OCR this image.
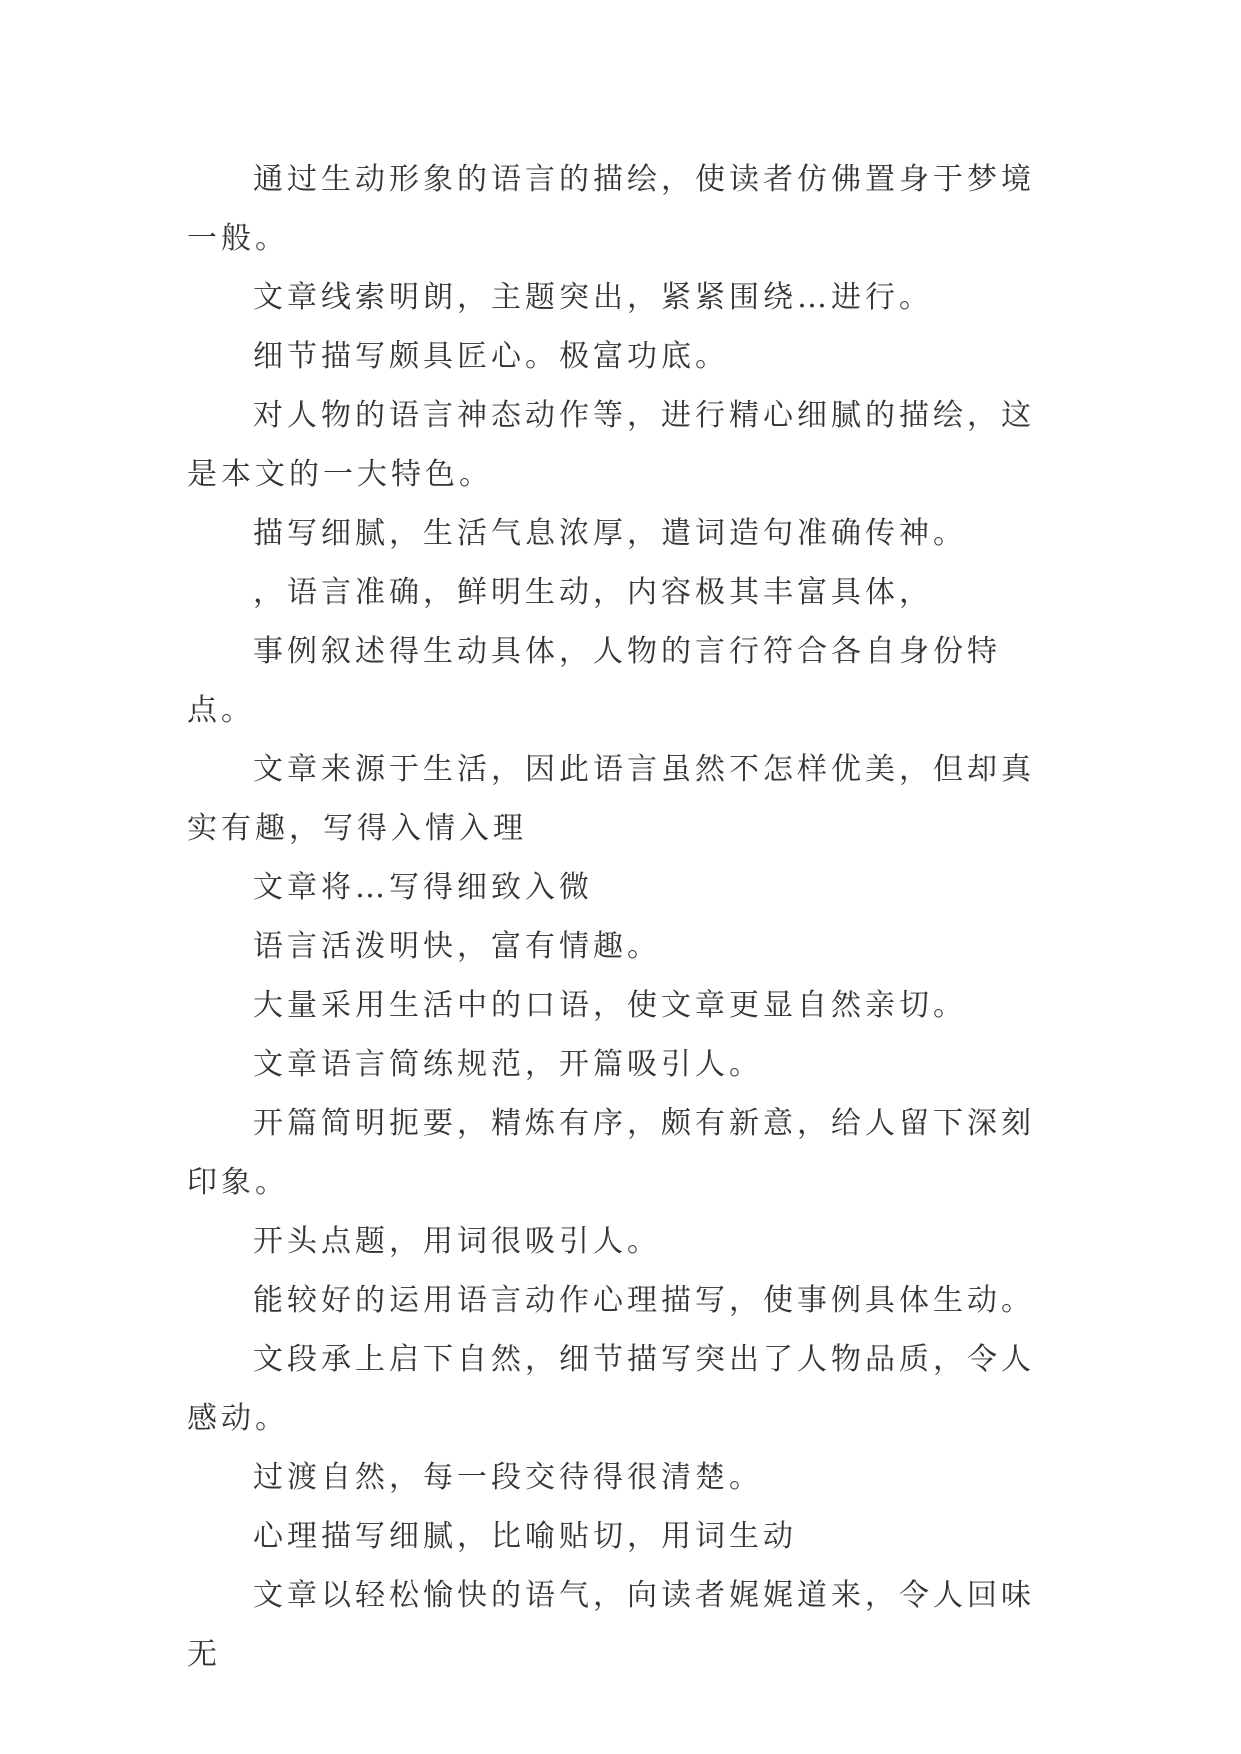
通过生动形象的语言的描绘，使读者仿佛置身于梦境一般。

文章线索明朗，主题突出，紧紧围绕…进行。

细节描写颇具匠心。极富功底。

对人物的语言神态动作等，进行精心细腻的描绘，这是本文的一大特色。

描写细腻，生活气息浓厚，遣词造句准确传神。

，语言准确，鲜明生动，内容极其丰富具体，

事例叙述得生动具体，人物的言行符合各自身份特点。

文章来源于生活，因此语言虽然不怎样优美，但却真实有趣，写得入情入理

文章将…写得细致入微

语言活泼明快，富有情趣。

大量采用生活中的口语，使文章更显自然亲切。

文章语言简练规范，开篇吸引人。

开篇简明扼要，精炼有序，颇有新意，给人留下深刻印象。

开头点题，用词很吸引人。

能较好的运用语言动作心理描写，使事例具体生动。

文段承上启下自然，细节描写突出了人物品质，令人感动。

过渡自然，每一段交待得很清楚。

心理描写细腻，比喻贴切，用词生动

文章以轻松愉快的语气，向读者娓娓道来，令人回味无
